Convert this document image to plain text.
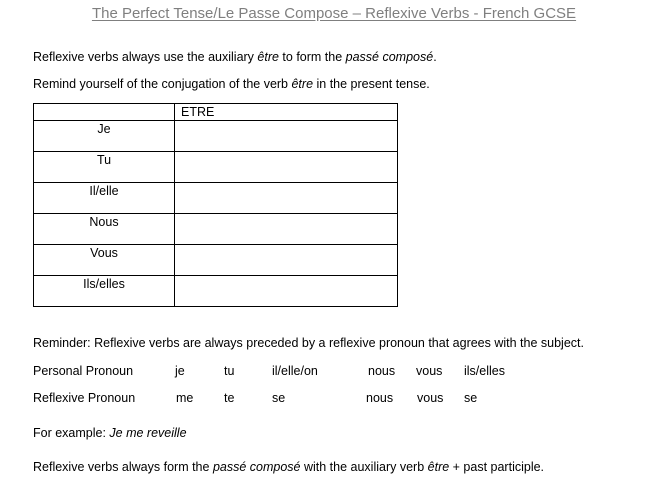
The Perfect Tense/Le Passe Compose – Reflexive Verbs - French GCSE
Reflexive verbs always use the auxiliary être to form the passé composé.
Remind yourself of the conjugation of the verb être in the present tense.
	ETRE

Je	

Tu	

Il/elle	

Nous	

Vous	

Ils/elles	

Reminder: Reflexive verbs are always preceded by a reflexive pronoun that agrees with the subject.
Personal Pronoun	je	tu	il/elle/on	nous vous ils/elles
Reflexive Pronoun	me te	se	nous vous se
For example: Je me reveille
Reflexive verbs always form the passé composé with the auxiliary verb être + past participle.
